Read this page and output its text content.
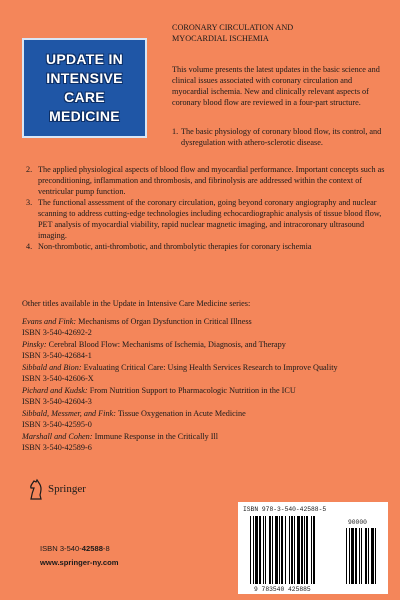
UPDATE IN
INTENSIVE
CARE
MEDICINE
CORONARY CIRCULATION AND
MYOCARDIAL ISCHEMIA
This volume presents the latest updates in the basic science and clinical issues associated with coronary circulation and myocardial ischemia. New and clinically relevant aspects of coronary blood flow are reviewed in a four-part structure.
1. The basic physiology of coronary blood flow, its control, and dysregulation with athero-sclerotic disease.
2. The applied physiological aspects of blood flow and myocardial performance. Important concepts such as preconditioning, inflammation and thrombosis, and fibrinolysis are addressed within the context of ventricular pump function.
3. The functional assessment of the coronary circulation, going beyond coronary angiography and nuclear scanning to address cutting-edge technologies including echocardiographic analysis of tissue blood flow, PET analysis of myocardial viability, rapid nuclear magnetic imaging, and intracoronary ultrasound imaging.
4. Non-thrombotic, anti-thrombotic, and thrombolytic therapies for coronary ischemia
Other titles available in the Update in Intensive Care Medicine series:
Evans and Fink: Mechanisms of Organ Dysfunction in Critical Illness
ISBN 3-540-42692-2
Pinsky: Cerebral Blood Flow: Mechanisms of Ischemia, Diagnosis, and Therapy
ISBN 3-540-42684-1
Sibbald and Bion: Evaluating Critical Care: Using Health Services Research to Improve Quality
ISBN 3-540-42606-X
Pichard and Kudsk: From Nutrition Support to Pharmacologic Nutrition in the ICU
ISBN 3-540-42604-3
Sibbald, Messmer, and Fink: Tissue Oxygenation in Acute Medicine
ISBN 3-540-42595-0
Marshall and Cohen: Immune Response in the Critically Ill
ISBN 3-540-42589-6
Springer
ISBN 3-540-42588-8
www.springer-ny.com
ISBN 978-3-540-42588-5
90000
9 783540 425885
